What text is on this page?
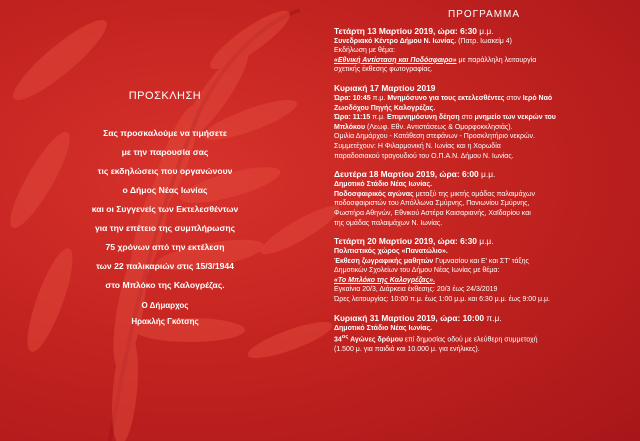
ΠΡΟΣΚΛΗΣΗ
Σας προσκαλούμε να τιμήσετε
με την παρουσία σας
τις εκδηλώσεις που οργανώνουν
ο Δήμος Νέας Ιωνίας
και οι Συγγενείς των Εκτελεσθέντων
για την επέτειο της συμπλήρωσης
75 χρόνων από την εκτέλεση
των 22 παλικαριών στις 15/3/1944
στο Μπλόκο της Καλογρέζας.
Ο Δήμαρχος
Ηρακλής Γκότσης
ΠΡΟΓΡΑΜΜΑ
Τετάρτη 13 Μαρτίου 2019, ώρα: 6:30 μ.μ.
Συνεδριακό Κέντρο Δήμου Ν. Ιωνίας. (Πατρ. Ιωακείμ 4)
Εκδήλωση με θέμα:
«Εθνική Αντίσταση και Ποδόσφαιρο» με παράλληλη λειτουργία
σχετικής έκθεσης φωτογραφίας.
Κυριακή 17 Μαρτίου 2019
Ώρα: 10:45 π.μ. Μνημόσυνο για τους εκτελεσθέντες στον Ιερό Ναό
Ζωοδόχου Πηγής Καλογρέζας.
Ώρα: 11:15 π.μ. Επιμνημόσυνη δέηση στο μνημείο των νεκρών του
Μπλόκου (Λεωφ. Εθν. Αντιστάσεως & Ομορφοκκλησιάς).
Ομιλία Δημάρχου - Κατάθεση στεφάνων - Προσκλητήριο νεκρών.
Συμμετέχουν: Η Φιλαρμονική Ν. Ιωνίας και η Χορωδία
παραδοσιακού τραγουδιού του Ο.Π.Α.Ν. Δήμου Ν. Ιωνίας.
Δευτέρα 18 Μαρτίου 2019, ώρα: 6:00 μ.μ.
Δημοτικό Στάδιο Νέας Ιωνίας.
Ποδοσφαιρικός αγώνας μεταξύ της μικτής ομάδας παλαιμάχων
ποδοσφαιριστών του Απόλλωνα Σμύρνης, Πανιωνίου Σμύρνης,
Φωστήρα Αθηνών, Εθνικού Αστέρα Καισαριανής, Χαϊδαρίου και
της ομάδας παλαιμάχων Ν. Ιωνίας.
Τετάρτη 20 Μαρτίου 2019, ώρα: 6:30 μ.μ.
Πολιτιστικός χώρος «Πανατώλιο».
Έκθεση ζωγραφικής μαθητών Γυμνασίου και Ε' και ΣΤ' τάξης
Δημοτικών Σχολείων του Δήμου Νέας Ιωνίας με θέμα:
«Το Μπλόκο της Καλογρέζας».
Εγκαίνια 20/3, Διάρκεια έκθεσης: 20/3 έως 24/3/2019
Ώρες λειτουργίας: 10:00 π.μ. έως 1:00 μ.μ. και 6:30 μ.μ. έως 9:00 μ.μ.
Κυριακή 31 Μαρτίου 2019, ώρα: 10:00 π.μ.
Δημοτικό Στάδιο Νέας Ιωνίας.
$34^{o\varsigma}$ Αγώνες δρόμου επί δημοσίας οδού με ελεύθερη συμμετοχή
(1.500 μ. για παιδιά και 10.000 μ. για ενήλικες).
